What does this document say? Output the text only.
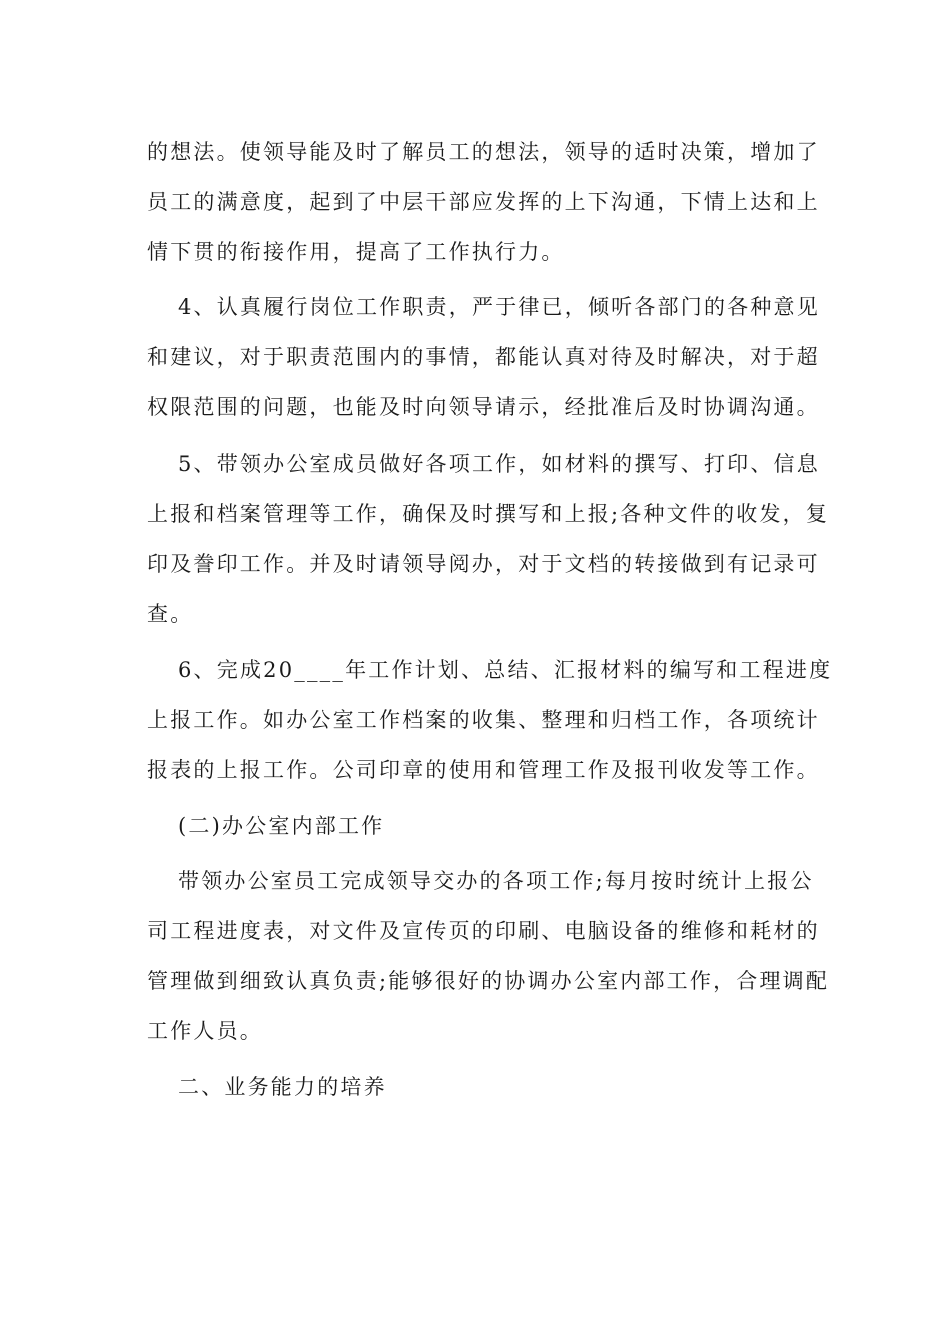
的想法。使领导能及时了解员工的想法，领导的适时决策，增加了
员工的满意度，起到了中层干部应发挥的上下沟通，下情上达和上
情下贯的衔接作用，提高了工作执行力。
4、认真履行岗位工作职责，严于律已，倾听各部门的各种意见
和建议，对于职责范围内的事情，都能认真对待及时解决，对于超
权限范围的问题，也能及时向领导请示，经批准后及时协调沟通。
5、带领办公室成员做好各项工作，如材料的撰写、打印、信息
上报和档案管理等工作，确保及时撰写和上报;各种文件的收发，复
印及誊印工作。并及时请领导阅办，对于文档的转接做到有记录可
查。
6、完成20____年工作计划、总结、汇报材料的编写和工程进度
上报工作。如办公室工作档案的收集、整理和归档工作，各项统计
报表的上报工作。公司印章的使用和管理工作及报刊收发等工作。
(二)办公室内部工作
带领办公室员工完成领导交办的各项工作;每月按时统计上报公
司工程进度表，对文件及宣传页的印刷、电脑设备的维修和耗材的
管理做到细致认真负责;能够很好的协调办公室内部工作，合理调配
工作人员。
二、业务能力的培养
